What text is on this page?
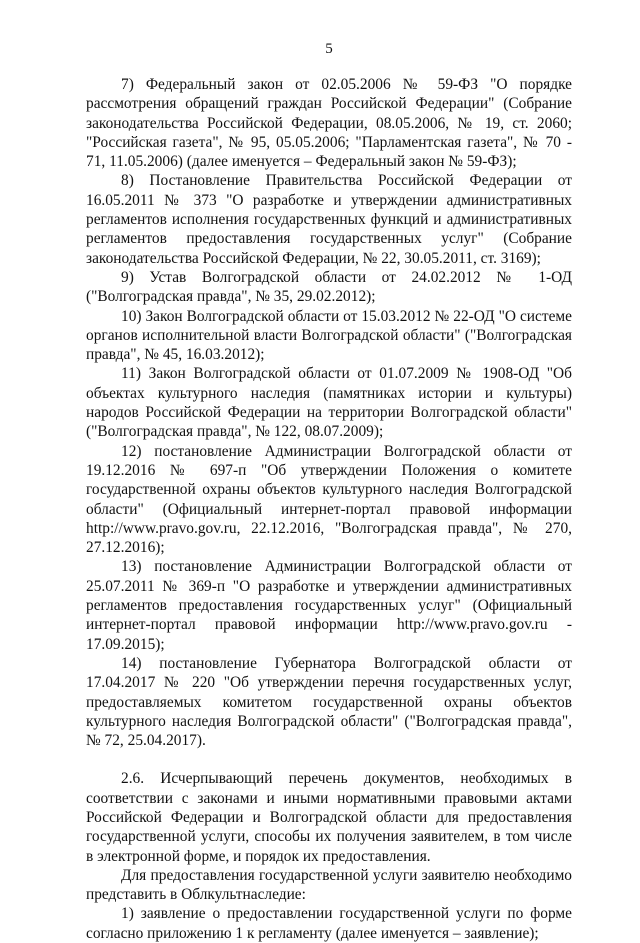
5

7) Федеральный закон от 02.05.2006 № 59-ФЗ "О порядке рассмотрения обращений граждан Российской Федерации" (Собрание законодательства Российской Федерации, 08.05.2006, № 19, ст. 2060; "Российская газета", № 95, 05.05.2006; "Парламентская газета", № 70 - 71, 11.05.2006) (далее именуется – Федеральный закон № 59-ФЗ);

8) Постановление Правительства Российской Федерации от 16.05.2011 № 373 "О разработке и утверждении административных регламентов исполнения государственных функций и административных регламентов предоставления государственных услуг" (Собрание законодательства Российской Федерации, № 22, 30.05.2011, ст. 3169);

9) Устав Волгоградской области от 24.02.2012 № 1-ОД ("Волгоградская правда", № 35, 29.02.2012);

10) Закон Волгоградской области от 15.03.2012 № 22-ОД "О системе органов исполнительной власти Волгоградской области" ("Волгоградская правда", № 45, 16.03.2012);

11) Закон Волгоградской области от 01.07.2009 № 1908-ОД "Об объектах культурного наследия (памятниках истории и культуры) народов Российской Федерации на территории Волгоградской области" ("Волгоградская правда", № 122, 08.07.2009);

12) постановление Администрации Волгоградской области от 19.12.2016 № 697-п "Об утверждении Положения о комитете государственной охраны объектов культурного наследия Волгоградской области" (Официальный интернет-портал правовой информации http://www.pravo.gov.ru, 22.12.2016, "Волгоградская правда", № 270, 27.12.2016);

13) постановление Администрации Волгоградской области от 25.07.2011 № 369-п "О разработке и утверждении административных регламентов предоставления государственных услуг" (Официальный интернет-портал правовой информации http://www.pravo.gov.ru - 17.09.2015);

14) постановление Губернатора Волгоградской области от 17.04.2017 № 220 "Об утверждении перечня государственных услуг, предоставляемых комитетом государственной охраны объектов культурного наследия Волгоградской области" ("Волгоградская правда", № 72, 25.04.2017).

2.6. Исчерпывающий перечень документов, необходимых в соответствии с законами и иными нормативными правовыми актами Российской Федерации и Волгоградской области для предоставления государственной услуги, способы их получения заявителем, в том числе в электронной форме, и порядок их предоставления.

Для предоставления государственной услуги заявителю необходимо представить в Облкультнаследие:

1) заявление о предоставлении государственной услуги по форме согласно приложению 1 к регламенту (далее именуется – заявление);
